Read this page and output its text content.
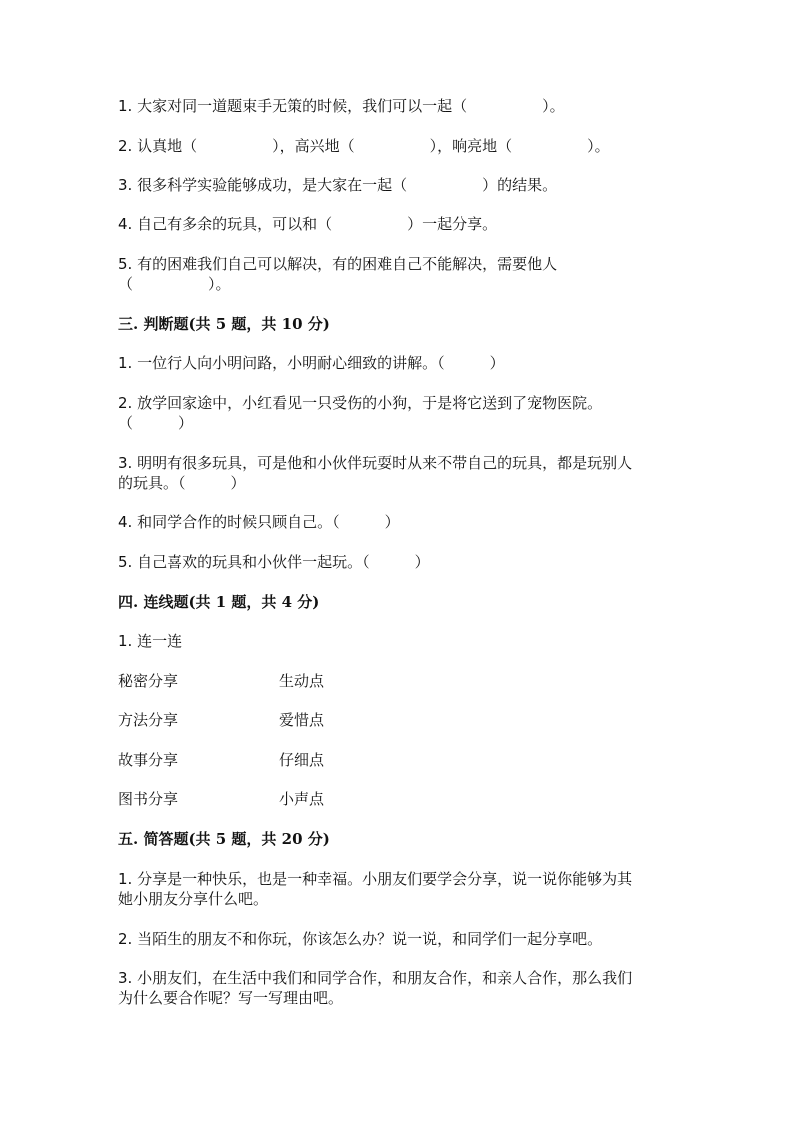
1. 大家对同一道题束手无策的时候，我们可以一起（　　　　　）。
2. 认真地（　　　　　），高兴地（　　　　　），响亮地（　　　　　）。
3. 很多科学实验能够成功，是大家在一起（　　　　　）的结果。
4. 自己有多余的玩具，可以和（　　　　　）一起分享。
5. 有的困难我们自己可以解决，有的困难自己不能解决，需要他人
（　　　　　）。
三. 判断题(共 5 题，共 10 分)
1. 一位行人向小明问路，小明耐心细致的讲解。（　　　）
2. 放学回家途中，小红看见一只受伤的小狗，于是将它送到了宠物医院。
（　　　）
3. 明明有很多玩具，可是他和小伙伴玩耍时从来不带自己的玩具，都是玩别人
的玩具。（　　　）
4. 和同学合作的时候只顾自己。（　　　）
5. 自己喜欢的玩具和小伙伴一起玩。（　　　）
四. 连线题(共 1 题，共 4 分)
1. 连一连
秘密分享	生动点
方法分享	爱惜点
故事分享	仔细点
图书分享	小声点
五. 简答题(共 5 题，共 20 分)
1. 分享是一种快乐，也是一种幸福。小朋友们要学会分享，说一说你能够为其
她小朋友分享什么吧。
2. 当陌生的朋友不和你玩，你该怎么办？说一说，和同学们一起分享吧。
3. 小朋友们，在生活中我们和同学合作，和朋友合作，和亲人合作，那么我们
为什么要合作呢？写一写理由吧。
